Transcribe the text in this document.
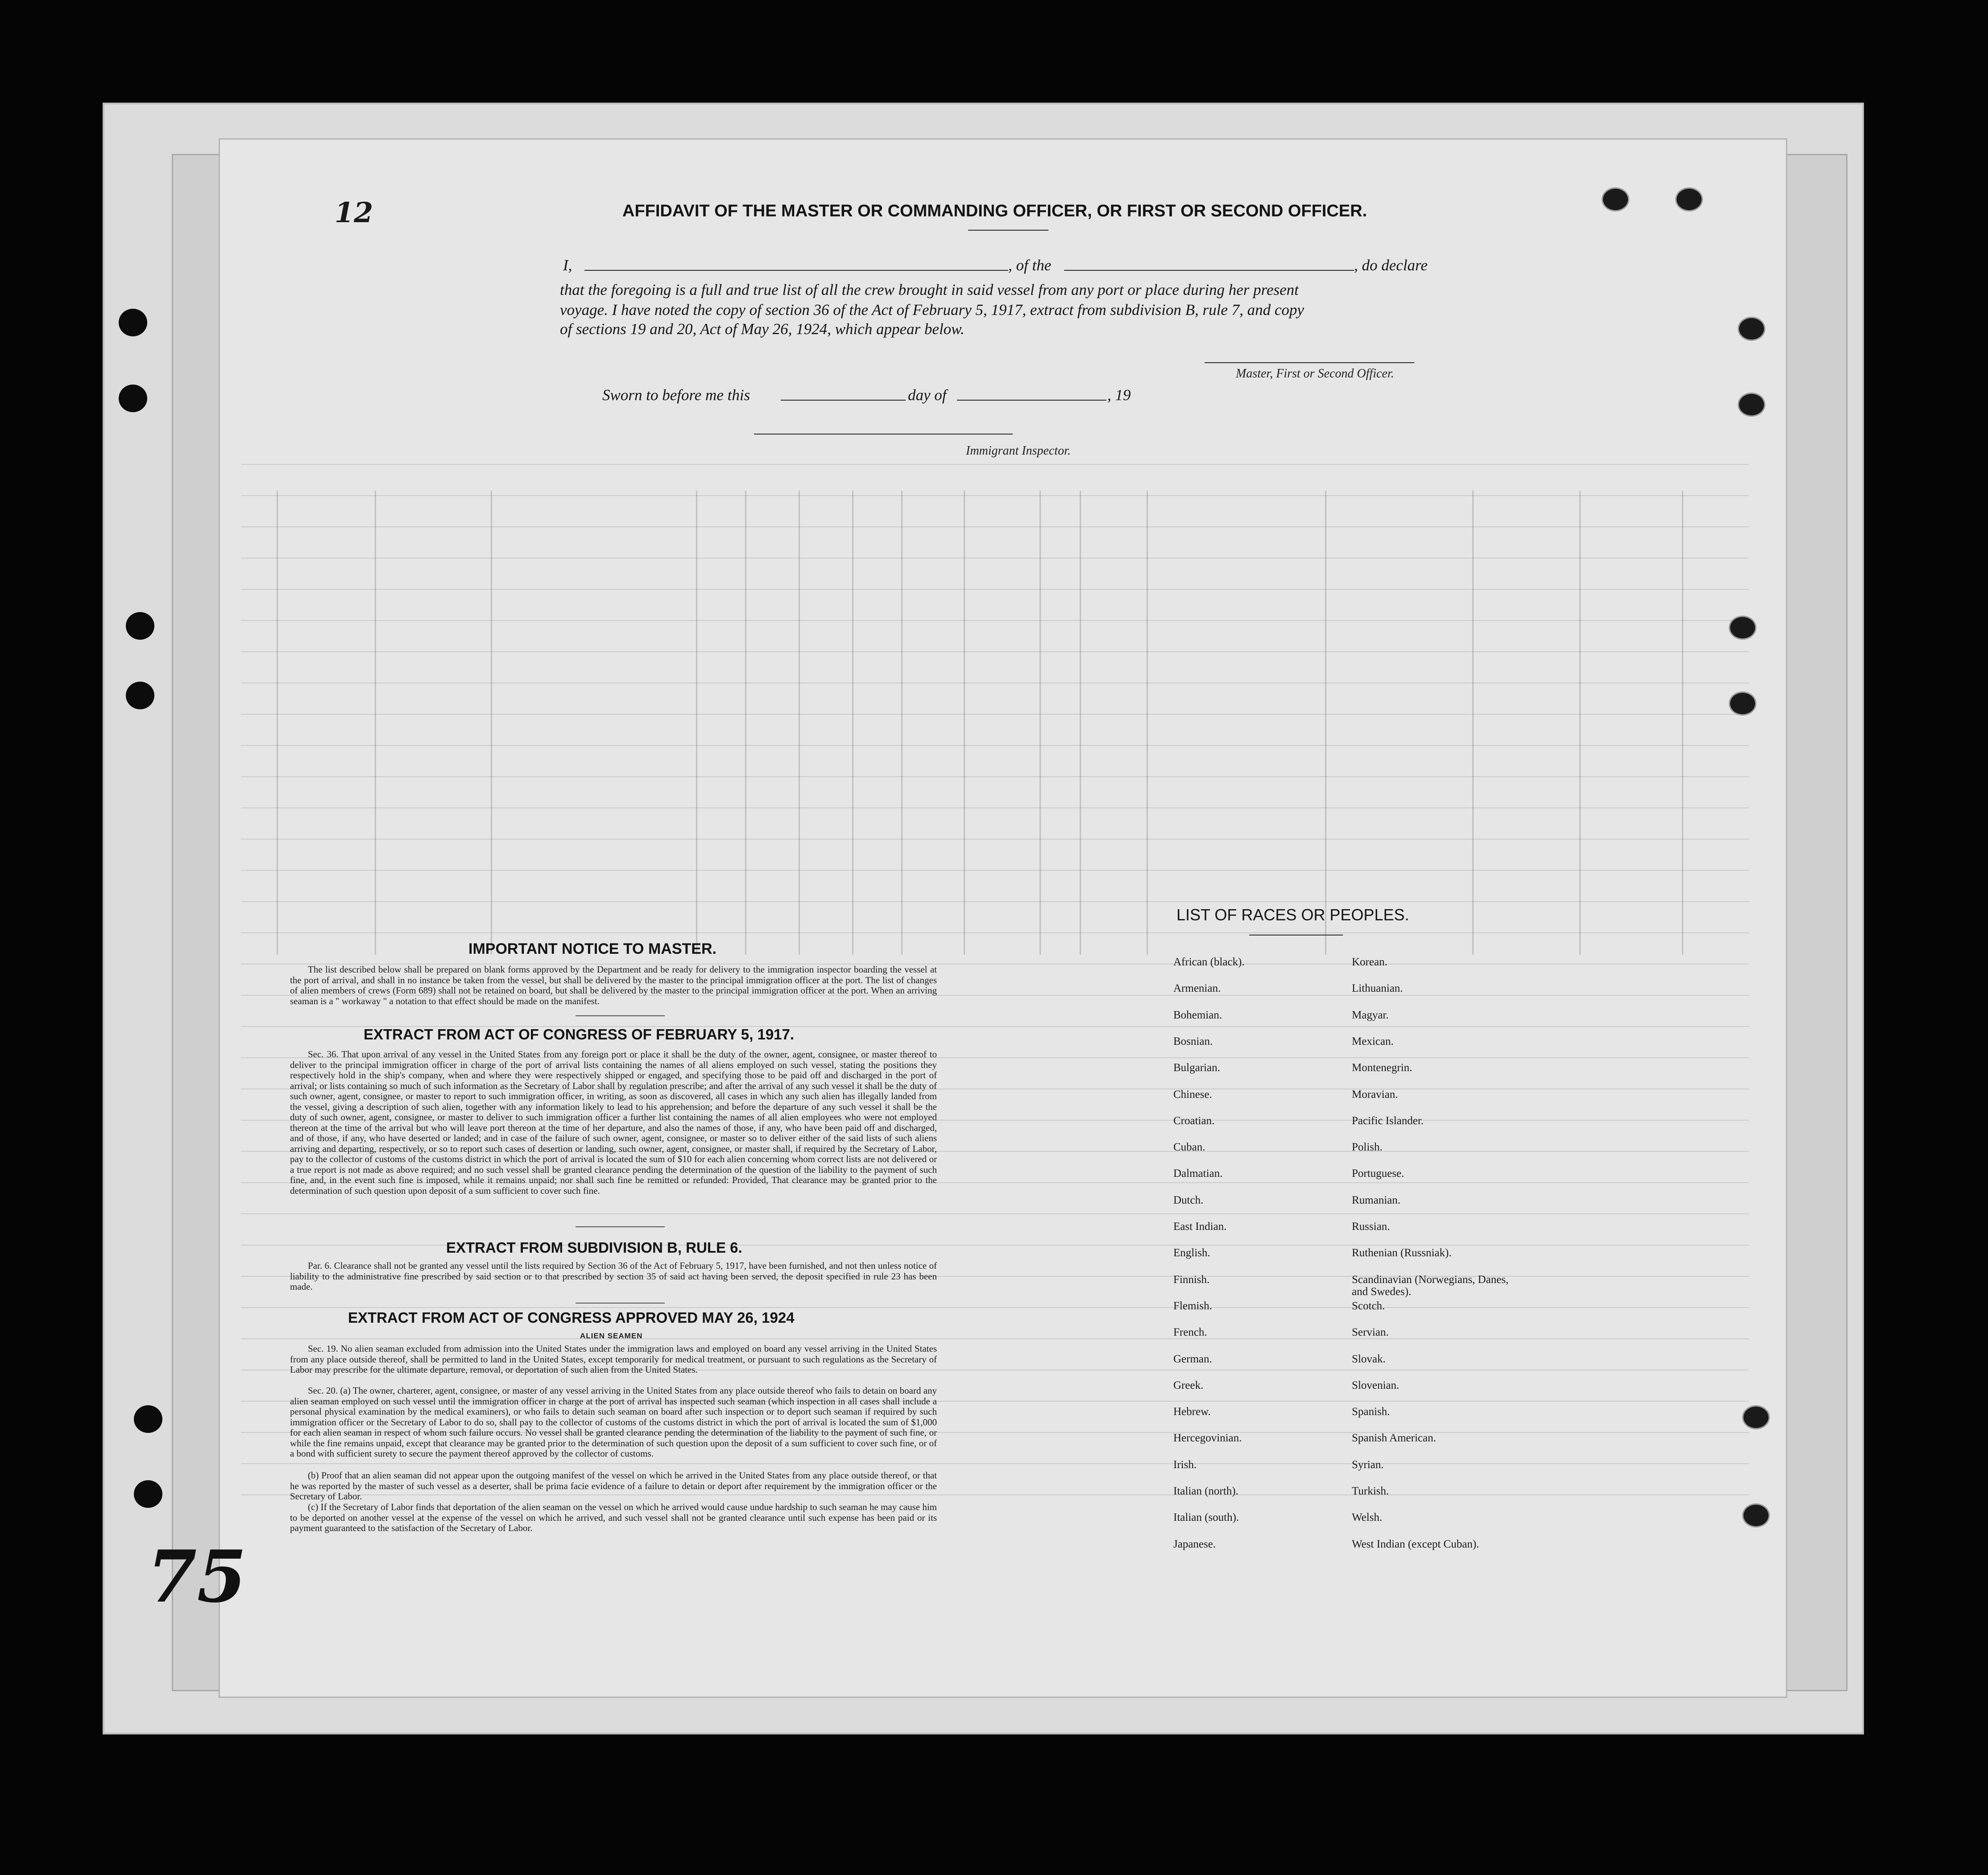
12
75
AFFIDAVIT OF THE MASTER OR COMMANDING OFFICER, OR FIRST OR SECOND OFFICER.
I,	, of the	, do declare
that the foregoing is a full and true list of all the crew brought in said vessel from any port or place during her present
voyage. I have noted the copy of section 36 of the Act of February 5, 1917, extract from subdivision B, rule 7, and copy
of sections 19 and 20, Act of May 26, 1924, which appear below.
Master, First or Second Officer.
Sworn to before me this	day of	, 19
Immigrant Inspector.
IMPORTANT NOTICE TO MASTER.
The list described below shall be prepared on blank forms approved by the Department and be ready for delivery to the immigration inspector boarding the vessel at the port of arrival, and shall in no instance be taken from the vessel, but shall be delivered by the master to the principal immigration officer at the port. The list of changes of alien members of crews (Form 689) shall not be retained on board, but shall be delivered by the master to the principal immigration officer at the port. When an arriving seaman is a " workaway " a notation to that effect should be made on the manifest.
EXTRACT FROM ACT OF CONGRESS OF FEBRUARY 5, 1917.
Sec. 36. That upon arrival of any vessel in the United States from any foreign port or place it shall be the duty of the owner, agent, consignee, or master thereof to deliver to the principal immigration officer in charge of the port of arrival lists containing the names of all aliens employed on such vessel, stating the positions they respectively hold in the ship's company, when and where they were respectively shipped or engaged, and specifying those to be paid off and discharged in the port of arrival; or lists containing so much of such information as the Secretary of Labor shall by regulation prescribe; and after the arrival of any such vessel it shall be the duty of such owner, agent, consignee, or master to report to such immigration officer, in writing, as soon as discovered, all cases in which any such alien has illegally landed from the vessel, giving a description of such alien, together with any information likely to lead to his apprehension; and before the departure of any such vessel it shall be the duty of such owner, agent, consignee, or master to deliver to such immigration officer a further list containing the names of all alien employees who were not employed thereon at the time of the arrival but who will leave port thereon at the time of her departure, and also the names of those, if any, who have been paid off and discharged, and of those, if any, who have deserted or landed; and in case of the failure of such owner, agent, consignee, or master so to deliver either of the said lists of such aliens arriving and departing, respectively, or so to report such cases of desertion or landing, such owner, agent, consignee, or master shall, if required by the Secretary of Labor, pay to the collector of customs of the customs district in which the port of arrival is located the sum of $10 for each alien concerning whom correct lists are not delivered or a true report is not made as above required; and no such vessel shall be granted clearance pending the determination of the question of the liability to the payment of such fine, and, in the event such fine is imposed, while it remains unpaid; nor shall such fine be remitted or refunded: Provided, That clearance may be granted prior to the determination of such question upon deposit of a sum sufficient to cover such fine.
EXTRACT FROM SUBDIVISION B, RULE 6.
Par. 6. Clearance shall not be granted any vessel until the lists required by Section 36 of the Act of February 5, 1917, have been furnished, and not then unless notice of liability to the administrative fine prescribed by said section or to that prescribed by section 35 of said act having been served, the deposit specified in rule 23 has been made.
EXTRACT FROM ACT OF CONGRESS APPROVED MAY 26, 1924
ALIEN SEAMEN
Sec. 19. No alien seaman excluded from admission into the United States under the immigration laws and employed on board any vessel arriving in the United States from any place outside thereof, shall be permitted to land in the United States, except temporarily for medical treatment, or pursuant to such regulations as the Secretary of Labor may prescribe for the ultimate departure, removal, or deportation of such alien from the United States.
Sec. 20. (a) The owner, charterer, agent, consignee, or master of any vessel arriving in the United States from any place outside thereof who fails to detain on board any alien seaman employed on such vessel until the immigration officer in charge at the port of arrival has inspected such seaman (which inspection in all cases shall include a personal physical examination by the medical examiners), or who fails to detain such seaman on board after such inspection or to deport such seaman if required by such immigration officer or the Secretary of Labor to do so, shall pay to the collector of customs of the customs district in which the port of arrival is located the sum of $1,000 for each alien seaman in respect of whom such failure occurs. No vessel shall be granted clearance pending the determination of the liability to the payment of such fine, or while the fine remains unpaid, except that clearance may be granted prior to the determination of such question upon the deposit of a sum sufficient to cover such fine, or of a bond with sufficient surety to secure the payment thereof approved by the collector of customs.
(b) Proof that an alien seaman did not appear upon the outgoing manifest of the vessel on which he arrived in the United States from any place outside thereof, or that he was reported by the master of such vessel as a deserter, shall be prima facie evidence of a failure to detain or deport after requirement by the immigration officer or the Secretary of Labor.
(c) If the Secretary of Labor finds that deportation of the alien seaman on the vessel on which he arrived would cause undue hardship to such seaman he may cause him to be deported on another vessel at the expense of the vessel on which he arrived, and such vessel shall not be granted clearance until such expense has been paid or its payment guaranteed to the satisfaction of the Secretary of Labor.
LIST OF RACES OR PEOPLES.
African (black).
Armenian.
Bohemian.
Bosnian.
Bulgarian.
Chinese.
Croatian.
Cuban.
Dalmatian.
Dutch.
East Indian.
English.
Finnish.
Flemish.
French.
German.
Greek.
Hebrew.
Hercegovinian.
Irish.
Italian (north).
Italian (south).
Japanese.
Korean.
Lithuanian.
Magyar.
Mexican.
Montenegrin.
Moravian.
Pacific Islander.
Polish.
Portuguese.
Rumanian.
Russian.
Ruthenian (Russniak).
Scandinavian (Norwegians, Danes, and Swedes).
Scotch.
Servian.
Slovak.
Slovenian.
Spanish.
Spanish American.
Syrian.
Turkish.
Welsh.
West Indian (except Cuban).
